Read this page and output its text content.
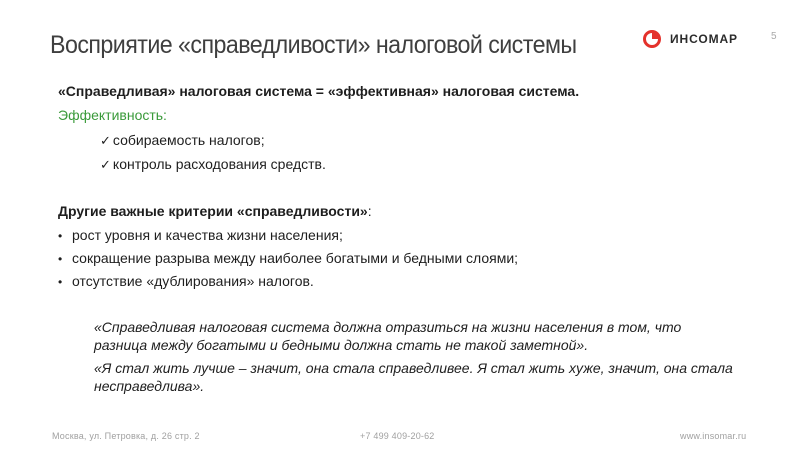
Восприятие «справедливости» налоговой системы	ИНСОМАР	5
«Справедливая» налоговая система = «эффективная» налоговая система.
Эффективность:
✓ собираемость налогов;
✓ контроль расходования средств.
Другие важные критерии «справедливости»:
• рост уровня и качества жизни населения;
• сокращение разрыва между наиболее богатыми и бедными слоями;
• отсутствие «дублирования» налогов.
«Справедливая налоговая система должна отразиться на жизни населения в том, что разница между богатыми и бедными должна стать не такой заметной».
«Я стал жить лучше – значит, она стала справедливее. Я стал жить хуже, значит, она стала несправедлива».
Москва, ул. Петровка, д. 26 стр. 2	+7 499 409-20-62	www.insomar.ru
